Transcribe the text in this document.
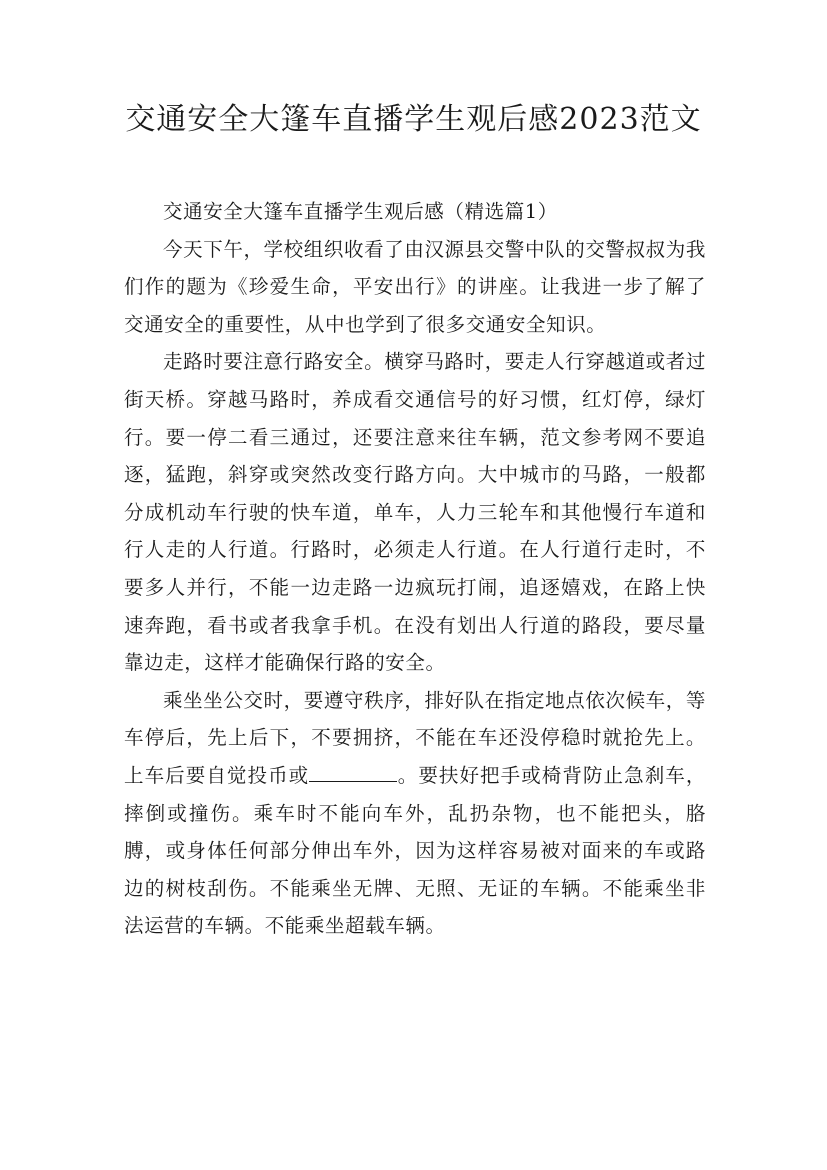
交通安全大篷车直播学生观后感2023范文

交通安全大篷车直播学生观后感（精选篇1）

今天下午，学校组织收看了由汉源县交警中队的交警叔叔为我们作的题为《珍爱生命，平安出行》的讲座。让我进一步了解了交通安全的重要性，从中也学到了很多交通安全知识。

走路时要注意行路安全。横穿马路时，要走人行穿越道或者过街天桥。穿越马路时，养成看交通信号的好习惯，红灯停，绿灯行。要一停二看三通过，还要注意来往车辆，范文参考网不要追逐，猛跑，斜穿或突然改变行路方向。大中城市的马路，一般都分成机动车行驶的快车道，单车，人力三轮车和其他慢行车道和行人走的人行道。行路时，必须走人行道。在人行道行走时，不要多人并行，不能一边走路一边疯玩打闹，追逐嬉戏，在路上快速奔跑，看书或者我拿手机。在没有划出人行道的路段，要尽量靠边走，这样才能确保行路的安全。

乘坐坐公交时，要遵守秩序，排好队在指定地点依次候车，等车停后，先上后下，不要拥挤，不能在车还没停稳时就抢先上。上车后要自觉投币或	。要扶好把手或椅背防止急刹车，摔倒或撞伤。乘车时不能向车外，乱扔杂物，也不能把头，胳膊，或身体任何部分伸出车外，因为这样容易被对面来的车或路边的树枝刮伤。不能乘坐无牌、无照、无证的车辆。不能乘坐非法运营的车辆。不能乘坐超载车辆。
